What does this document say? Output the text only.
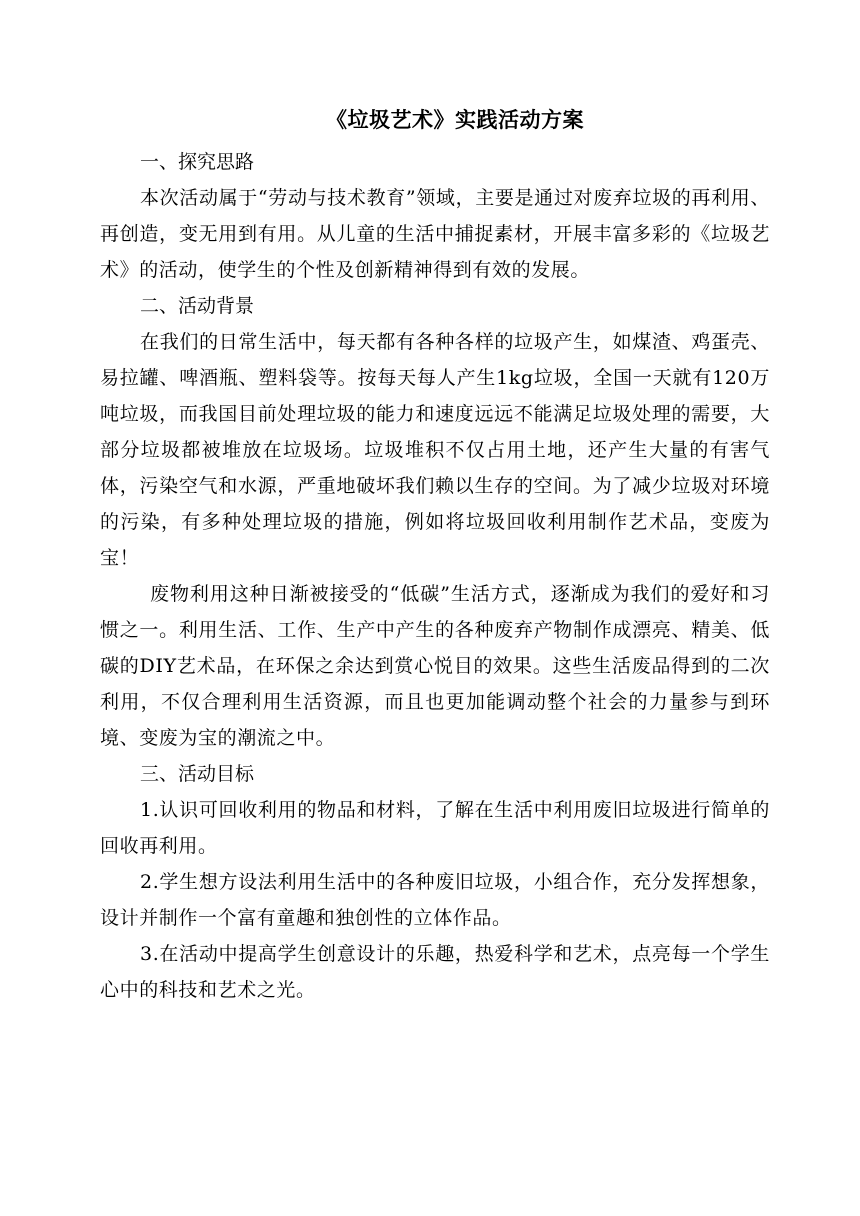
《垃圾艺术》实践活动方案
一、探究思路

本次活动属于“劳动与技术教育”领域，主要是通过对废弃垃圾的再利用、再创造，变无用到有用。从儿童的生活中捕捉素材，开展丰富多彩的《垃圾艺术》的活动，使学生的个性及创新精神得到有效的发展。

二、活动背景

在我们的日常生活中，每天都有各种各样的垃圾产生，如煤渣、鸡蛋壳、易拉罐、啤酒瓶、塑料袋等。按每天每人产生1kg垃圾，全国一天就有120万吨垃圾，而我国目前处理垃圾的能力和速度远远不能满足垃圾处理的需要，大部分垃圾都被堆放在垃圾场。垃圾堆积不仅占用土地，还产生大量的有害气体，污染空气和水源，严重地破坏我们赖以生存的空间。为了减少垃圾对环境的污染，有多种处理垃圾的措施，例如将垃圾回收利用制作艺术品，变废为宝！

废物利用这种日渐被接受的“低碳”生活方式，逐渐成为我们的爱好和习惯之一。利用生活、工作、生产中产生的各种废弃产物制作成漂亮、精美、低碳的DIY艺术品，在环保之余达到赏心悦目的效果。这些生活废品得到的二次利用，不仅合理利用生活资源，而且也更加能调动整个社会的力量参与到环境、变废为宝的潮流之中。

三、活动目标

1.认识可回收利用的物品和材料，了解在生活中利用废旧垃圾进行简单的回收再利用。

2.学生想方设法利用生活中的各种废旧垃圾，小组合作，充分发挥想象，设计并制作一个富有童趣和独创性的立体作品。

3.在活动中提高学生创意设计的乐趣，热爱科学和艺术，点亮每一个学生心中的科技和艺术之光。
